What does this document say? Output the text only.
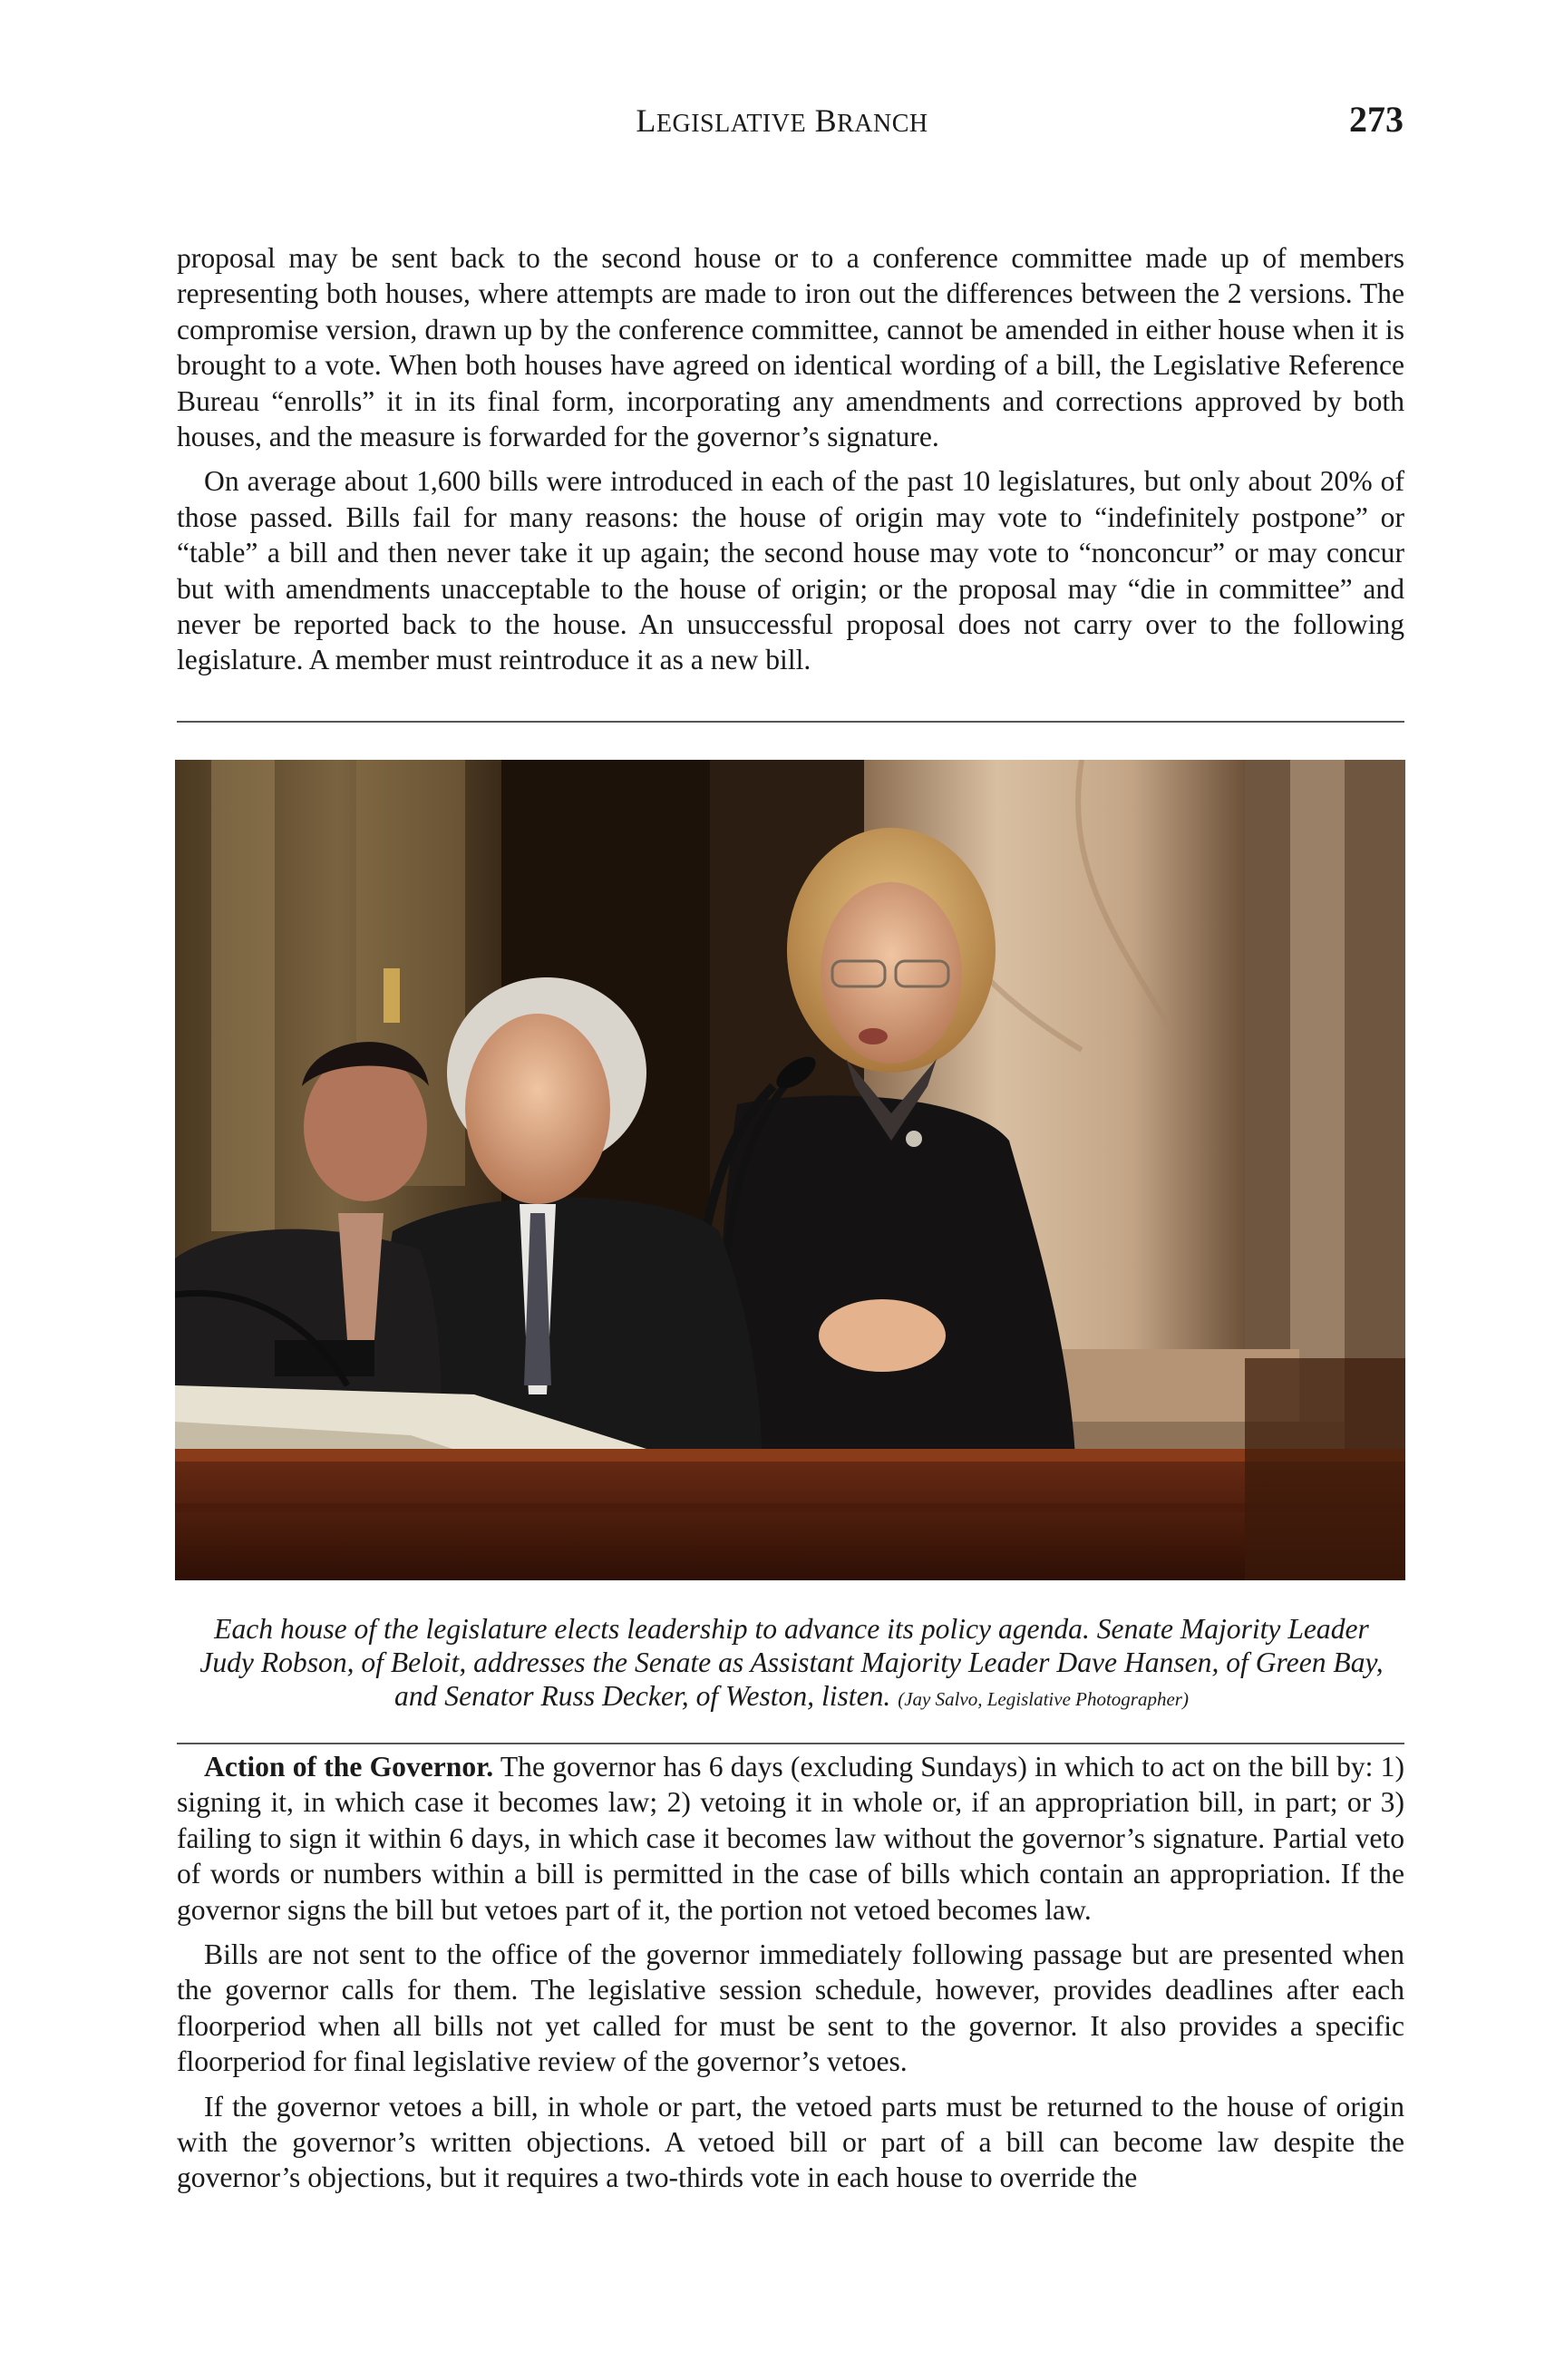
LEGISLATIVE BRANCH	273

proposal may be sent back to the second house or to a conference committee made up of members representing both houses, where attempts are made to iron out the differences between the 2 versions. The compromise version, drawn up by the conference committee, cannot be amended in either house when it is brought to a vote. When both houses have agreed on identical wording of a bill, the Legislative Reference Bureau “enrolls” it in its final form, incorporating any amendments and corrections approved by both houses, and the measure is forwarded for the governor’s signature.

On average about 1,600 bills were introduced in each of the past 10 legislatures, but only about 20% of those passed. Bills fail for many reasons: the house of origin may vote to “indefinitely postpone” or “table” a bill and then never take it up again; the second house may vote to “nonconcur” or may concur but with amendments unacceptable to the house of origin; or the proposal may “die in committee” and never be reported back to the house. An unsuccessful proposal does not carry over to the following legislature. A member must reintroduce it as a new bill.

Each house of the legislature elects leadership to advance its policy agenda. Senate Majority Leader Judy Robson, of Beloit, addresses the Senate as Assistant Majority Leader Dave Hansen, of Green Bay, and Senator Russ Decker, of Weston, listen. (Jay Salvo, Legislative Photographer)

Action of the Governor. The governor has 6 days (excluding Sundays) in which to act on the bill by: 1) signing it, in which case it becomes law; 2) vetoing it in whole or, if an appropriation bill, in part; or 3) failing to sign it within 6 days, in which case it becomes law without the governor’s signature. Partial veto of words or numbers within a bill is permitted in the case of bills which contain an appropriation. If the governor signs the bill but vetoes part of it, the portion not vetoed becomes law.

Bills are not sent to the office of the governor immediately following passage but are presented when the governor calls for them. The legislative session schedule, however, provides deadlines after each floorperiod when all bills not yet called for must be sent to the governor. It also provides a specific floorperiod for final legislative review of the governor’s vetoes.

If the governor vetoes a bill, in whole or part, the vetoed parts must be returned to the house of origin with the governor’s written objections. A vetoed bill or part of a bill can become law despite the governor’s objections, but it requires a two-thirds vote in each house to override the
